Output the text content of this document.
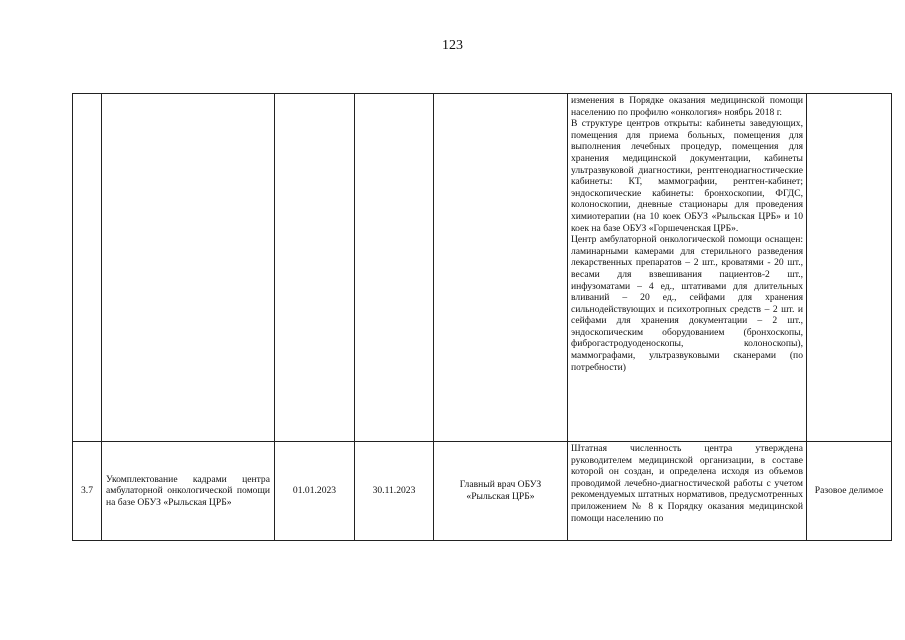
123

					изменения в Порядке оказания медицинской помощи населению по профилю «онкология» ноябрь 2018 г.

В структуре центров открыты: кабинеты заведующих, помещения для приема больных, помещения для выполнения лечебных процедур, помещения для хранения медицинской документации, кабинеты ультразвуковой диагностики, рентгенодиагностические кабинеты: КТ, маммографии, рентген-кабинет; эндоскопические кабинеты: бронхоскопии, ФГДС, колоноскопии, дневные стационары для проведения химиотерапии (на 10 коек ОБУЗ «Рыльская ЦРБ» и 10 коек на базе ОБУЗ «Горшеченская ЦРБ».

Центр амбулаторной онкологической помощи оснащен: ламинарными камерами для стерильного разведения лекарственных препаратов – 2 шт., кроватями - 20 шт., весами для взвешивания пациентов-2 шт., инфузоматами – 4 ед., штативами для длительных вливаний – 20 ед., сейфами для хранения сильнодействующих и психотропных средств – 2 шт. и сейфами для хранения документации – 2 шт., эндоскопическим оборудованием (бронхоскопы, фиброгастродуоденоскопы, колоноскопы), маммографами, ультразвуковыми сканерами (по потребности)	

3.7	Укомплектование кадрами центра амбулаторной онкологической помощи на базе ОБУЗ «Рыльская ЦРБ»	01.01.2023	30.11.2023	Главный врач ОБУЗ «Рыльская ЦРБ»	Штатная численность центра утверждена руководителем медицинской организации, в составе которой он создан, и определена исходя из объемов проводимой лечебно-диагностической работы с учетом рекомендуемых штатных нормативов, предусмотренных приложением № 8 к Порядку оказания медицинской помощи населению по	Разовое делимое
